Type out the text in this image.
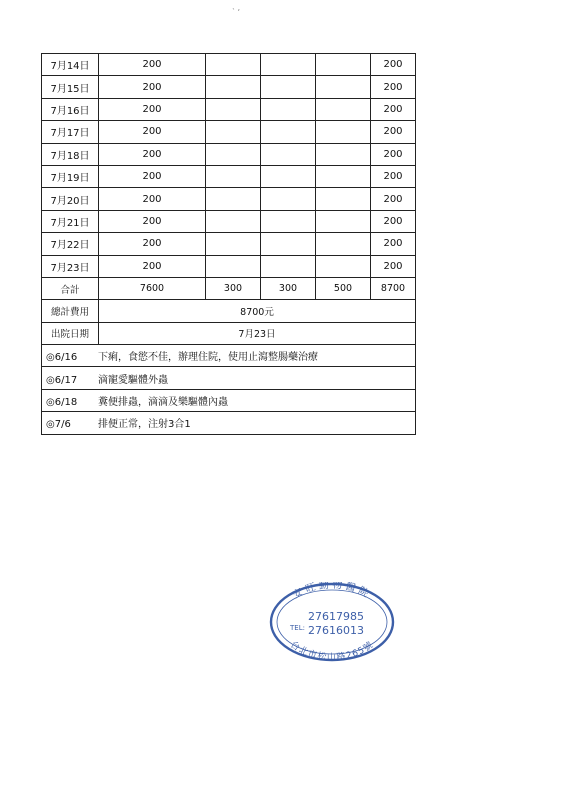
` ‘
7月14日	200				200
7月15日	200				200
7月16日	200				200
7月17日	200				200
7月18日	200				200
7月19日	200				200
7月20日	200				200
7月21日	200				200
7月22日	200				200
7月23日	200				200
合計	7600	300	300	500	8700
總計費用	8700元				
出院日期	7月23日				
◎6/16 下痢，食慾不佳，辦理住院，使用止瀉整腸藥治療					
◎6/17 滴寵愛驅體外蟲					
◎6/18 糞便排蟲，滴滴及樂驅體內蟲					
◎7/6 排便正常，注射3合1					
安旺動物醫院
TEL:
27617985
27616013
台北市松山路265號
